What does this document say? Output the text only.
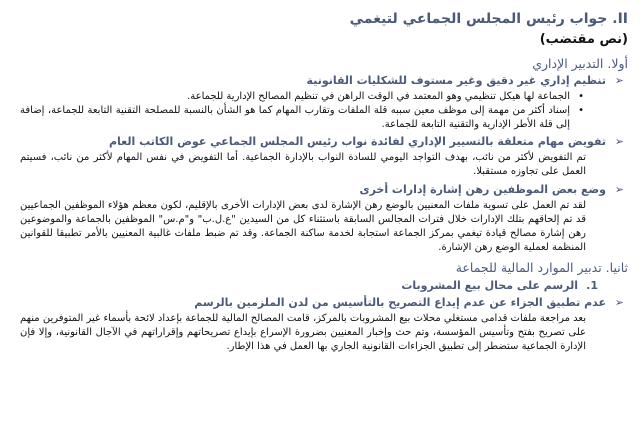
II. جواب رئيس المجلس الجماعي لتيغمي
(نص مقتضب)
أولا. التدبير الإداري
➢
تنظيم إداري غير دقيق وغير مستوف للشكليات القانونية
•
الجماعة لها هيكل تنظيمي وهو المعتمد في الوقت الراهن في تنظيم المصالح الإدارية للجماعة.
•
إسناد أكثر من مهمة إلى موظف معين سببه قلة الملفات وتقارب المهام كما هو الشأن بالنسبة للمصلحة التقنية التابعة للجماعة، إضافة إلى قلة الأطر الإدارية والتقنية التابعة للجماعة.
➢
تفويض مهام متعلقة بالتسيير الإداري لفائدة نواب رئيس المجلس الجماعي عوض الكاتب العام
تم التفويض لأكثر من نائب، بهدف التواجد اليومي للسادة النواب بالإدارة الجماعية. أما التفويض في نفس المهام لأكثر من نائب، فسيتم العمل على تجاوزه مستقبلا.
➢
وضع بعض الموظفين رهن إشارة إدارات أخرى
لقد تم العمل على تسوية ملفات المعنيين بالوضع رهن الإشارة لدى بعض الإدارات الأخرى بالإقليم، لكون معظم هؤلاء الموظفين الجماعيين قد تم إلحاقهم بتلك الإدارات خلال فترات المجالس السابقة باستثناء كل من السيدين "ع.ل.ب" و"م.س" الموظفين بالجماعة والموضوعين رهن إشارة مصالح قيادة تيغمي بمركز الجماعة استجابة لخدمة ساكنة الجماعة. وقد تم ضبط ملفات غالبية المعنيين بالأمر تطبيقا للقوانين المنظمة لعملية الوضع رهن الإشارة.
ثانيا. تدبير الموارد المالية للجماعة
1.
الرسم على محال بيع المشروبات
➢
عدم تطبيق الجزاء عن عدم إيداع التصريح بالتأسيس من لدن الملزمين بالرسم
بعد مراجعة ملفات قدامى مستغلي محلات بيع المشروبات بالمركز، قامت المصالح المالية للجماعة بإعداد لائحة بأسماء غير المتوفرين منهم على تصريح بفتح وتأسيس المؤسسة، وتم حث وإخبار المعنيين بضرورة الإسراع بإيداع تصريحاتهم وإقراراتهم في الآجال القانونية، وإلا فإن الإدارة الجماعية ستضطر إلى تطبيق الجزاءات القانونية الجاري بها العمل في هذا الإطار.
